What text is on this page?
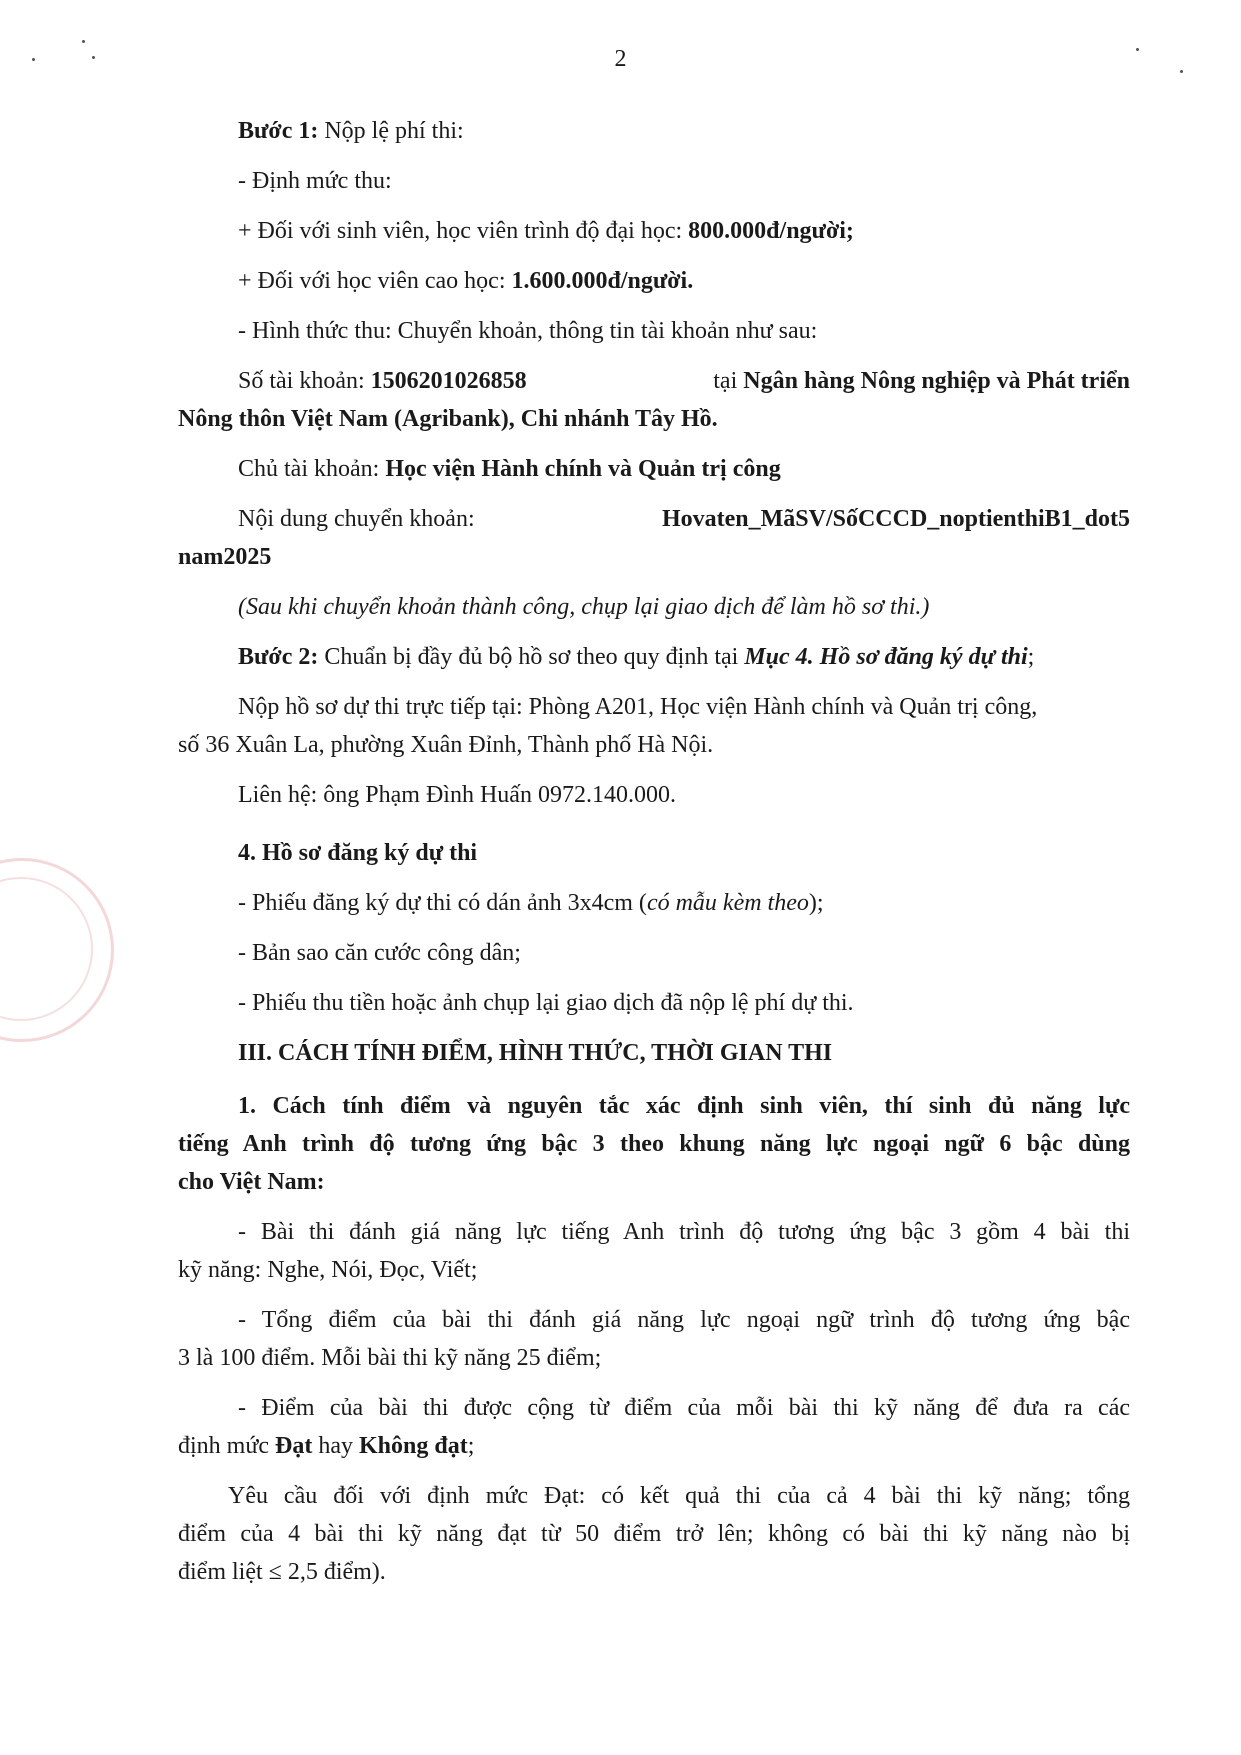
2
Bước 1: Nộp lệ phí thi:
- Định mức thu:
+ Đối với sinh viên, học viên trình độ đại học: 800.000đ/người;
+ Đối với học viên cao học: 1.600.000đ/người.
- Hình thức thu: Chuyển khoản, thông tin tài khoản như sau:
Số tài khoản: 1506201026858	tại Ngân hàng Nông nghiệp và Phát triển
Nông thôn Việt Nam (Agribank), Chi nhánh Tây Hồ.
Chủ tài khoản: Học viện Hành chính và Quản trị công
Nội dung chuyển khoản:	Hovaten_MãSV/SốCCCD_noptienthiB1_dot5
nam2025
(Sau khi chuyển khoản thành công, chụp lại giao dịch để làm hồ sơ thi.)
Bước 2: Chuẩn bị đầy đủ bộ hồ sơ theo quy định tại Mục 4. Hồ sơ đăng ký dự thi;
Nộp hồ sơ dự thi trực tiếp tại: Phòng A201, Học viện Hành chính và Quản trị công,
số 36 Xuân La, phường Xuân Đỉnh, Thành phố Hà Nội.
Liên hệ: ông Phạm Đình Huấn 0972.140.000.
4. Hồ sơ đăng ký dự thi
- Phiếu đăng ký dự thi có dán ảnh 3x4cm (có mẫu kèm theo);
- Bản sao căn cước công dân;
- Phiếu thu tiền hoặc ảnh chụp lại giao dịch đã nộp lệ phí dự thi.
III. CÁCH TÍNH ĐIỂM, HÌNH THỨC, THỜI GIAN THI
1. Cách tính điểm và nguyên tắc xác định sinh viên, thí sinh đủ năng lực
tiếng Anh trình độ tương ứng bậc 3 theo khung năng lực ngoại ngữ 6 bậc dùng
cho Việt Nam:
- Bài thi đánh giá năng lực tiếng Anh trình độ tương ứng bậc 3 gồm 4 bài thi
kỹ năng: Nghe, Nói, Đọc, Viết;
- Tổng điểm của bài thi đánh giá năng lực ngoại ngữ trình độ tương ứng bậc
3 là 100 điểm. Mỗi bài thi kỹ năng 25 điểm;
- Điểm của bài thi được cộng từ điểm của mỗi bài thi kỹ năng để đưa ra các
định mức Đạt hay Không đạt;
Yêu cầu đối với định mức Đạt: có kết quả thi của cả 4 bài thi kỹ năng; tổng
điểm của 4 bài thi kỹ năng đạt từ 50 điểm trở lên; không có bài thi kỹ năng nào bị
điểm liệt ≤ 2,5 điểm).
